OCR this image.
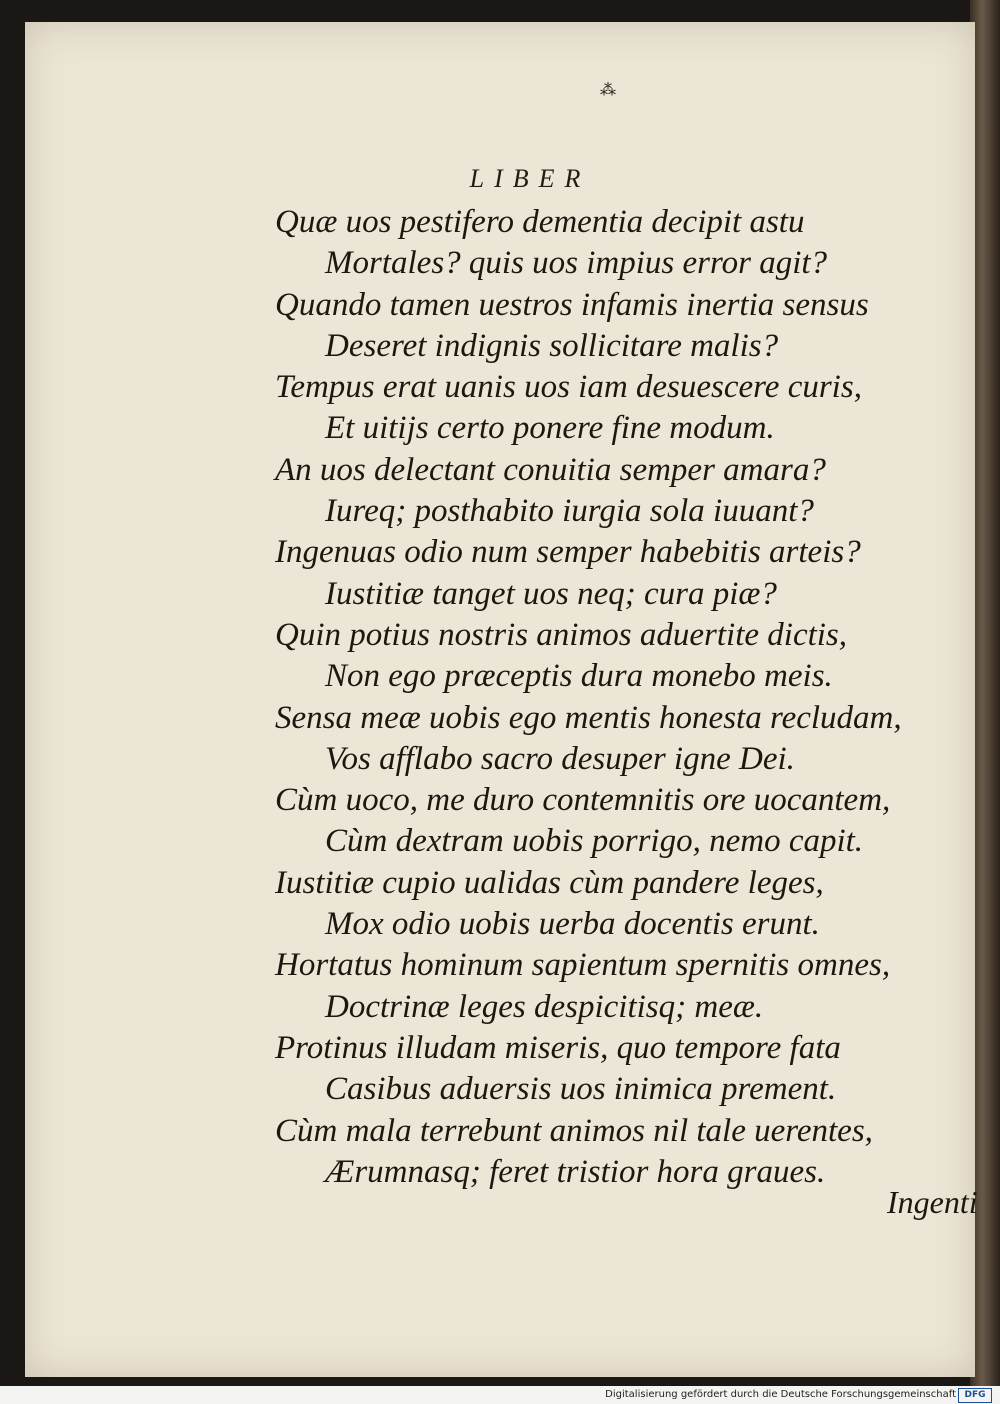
⁂
LIBER
Quæ uos pestifero dementia decipit astu
Mortales? quis uos impius error agit?
Quando tamen uestros infamis inertia sensus
Deseret indignis sollicitare malis?
Tempus erat uanis uos iam desuescere curis,
Et uitijs certo ponere fine modum.
An uos delectant conuitia semper amara?
Iureq; posthabito iurgia sola iuuant?
Ingenuas odio num semper habebitis arteis?
Iustitiæ tanget uos neq; cura piæ?
Quin potius nostris animos aduertite dictis,
Non ego præceptis dura monebo meis.
Sensa meæ uobis ego mentis honesta recludam,
Vos afflabo sacro desuper igne Dei.
Cùm uoco, me duro contemnitis ore uocantem,
Cùm dextram uobis porrigo, nemo capit.
Iustitiæ cupio ualidas cùm pandere leges,
Mox odio uobis uerba docentis erunt.
Hortatus hominum sapientum spernitis omnes,
Doctrinæ leges despicitisq; meæ.
Protinus illudam miseris, quo tempore fata
Casibus aduersis uos inimica prement.
Cùm mala terrebunt animos nil tale uerentes,
Ærumnasq; feret tristior hora graues.
Ingenti
Digitalisierung gefördert durch die Deutsche Forschungsgemeinschaft DFG
